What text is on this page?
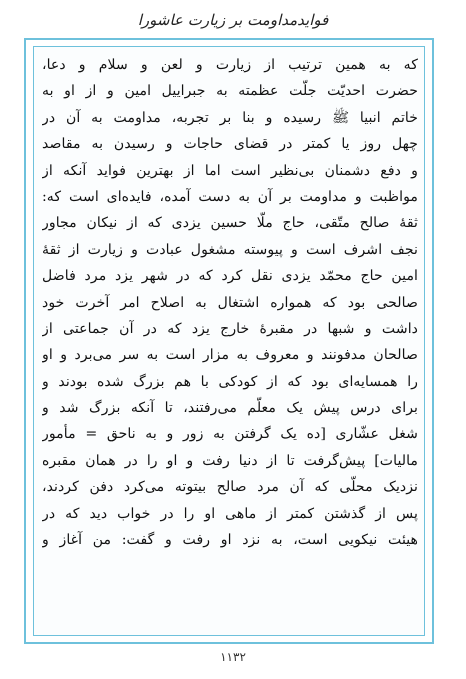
فوایدمداومت بر زیارت عاشورا
که به همین ترتیب از زیارت و لعن و سلام و دعا،
حضرت احدیّت جلّت عظمته به جبراییل امین و از او به
خاتم انبیا ﷺ رسیده و بنا بر تجربه، مداومت به آن در
چهل روز یا کمتر در قضای حاجات و رسیدن به مقاصد
و دفع دشمنان بی‌نظیر است اما از بهترین فواید آنکه از
مواظبت و مداومت بر آن به دست آمده، فایده‌ای است که:
ثقهٔ صالح متّقی، حاج ملّا حسین یزدی که از نیکان مجاور
نجف اشرف است و پیوسته مشغول عبادت و زیارت از ثقهٔ
امین حاج محمّد یزدی نقل کرد که در شهر یزد مرد فاضل
صالحی بود که همواره اشتغال به اصلاح امر آخرت خود
داشت و شبها در مقبرهٔ خارج یزد که در آن جماعتی از
صالحان مدفونند و معروف به مزار است به سر می‌برد و او
را همسایه‌ای بود که از کودکی با هم بزرگ شده بودند و
برای درس پیش یک معلّم می‌رفتند، تا آنکه بزرگ شد و
شغل عشّاری [ده یک گرفتن به زور و به ناحق = مأمور
مالیات] پیش‌گرفت تا از دنیا رفت و او را در همان مقبره
نزدیک محلّی که آن مرد صالح بیتوته می‌کرد دفن کردند،
پس از گذشتن کمتر از ماهی او را در خواب دید که در
هیئت نیکویی است، به نزد او رفت و گفت: من آغاز و
۱۱۳۲
